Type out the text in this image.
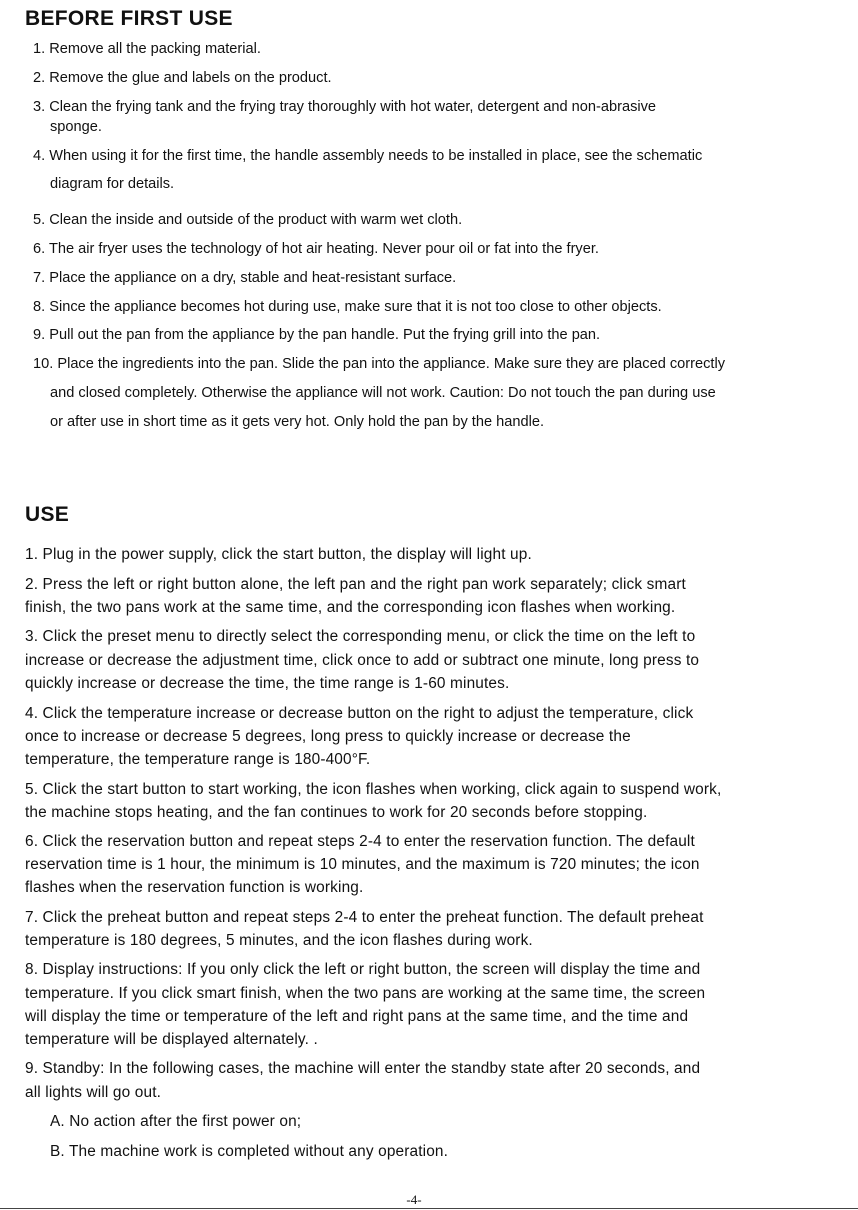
BEFORE FIRST USE

1. Remove all the packing material.

2. Remove the glue and labels on the product.

3. Clean the frying tank and the frying tray thoroughly with hot water, detergent and non-abrasive

sponge.

4. When using it for the first time, the handle assembly needs to be installed in place, see the schematic

diagram for details.

5. Clean the inside and outside of the product with warm wet cloth.

6. The air fryer uses the technology of hot air heating. Never pour oil or fat into the fryer.

7. Place the appliance on a dry, stable and heat-resistant surface.

8. Since the appliance becomes hot during use, make sure that it is not too close to other objects.

9. Pull out the pan from the appliance by the pan handle. Put the frying grill into the pan.

10. Place the ingredients into the pan. Slide the pan into the appliance. Make sure they are placed correctly

and closed completely. Otherwise the appliance will not work. Caution: Do not touch the pan during use

or after use in short time as it gets very hot. Only hold the pan by the handle.

USE

1. Plug in the power supply, click the start button, the display will light up.

2. Press the left or right button alone, the left pan and the right pan work separately; click smart

finish, the two pans work at the same time, and the corresponding icon flashes when working.

3. Click the preset menu to directly select the corresponding menu, or click the time on the left to

increase or decrease the adjustment time, click once to add or subtract one minute, long press to

quickly increase or decrease the time, the time range is 1-60 minutes.

4. Click the temperature increase or decrease button on the right to adjust the temperature, click

once to increase or decrease 5 degrees, long press to quickly increase or decrease the

temperature, the temperature range is 180-400°F.

5. Click the start button to start working, the icon flashes when working, click again to suspend work,

the machine stops heating, and the fan continues to work for 20 seconds before stopping.

6. Click the reservation button and repeat steps 2-4 to enter the reservation function. The default

reservation time is 1 hour, the minimum is 10 minutes, and the maximum is 720 minutes; the icon

flashes when the reservation function is working.

7. Click the preheat button and repeat steps 2-4 to enter the preheat function. The default preheat

temperature is 180 degrees, 5 minutes, and the icon flashes during work.

8. Display instructions: If you only click the left or right button, the screen will display the time and

temperature. If you click smart finish, when the two pans are working at the same time, the screen

will display the time or temperature of the left and right pans at the same time, and the time and

temperature will be displayed alternately. .

9. Standby: In the following cases, the machine will enter the standby state after 20 seconds, and

all lights will go out.

A. No action after the first power on;

B. The machine work is completed without any operation.

-4-
